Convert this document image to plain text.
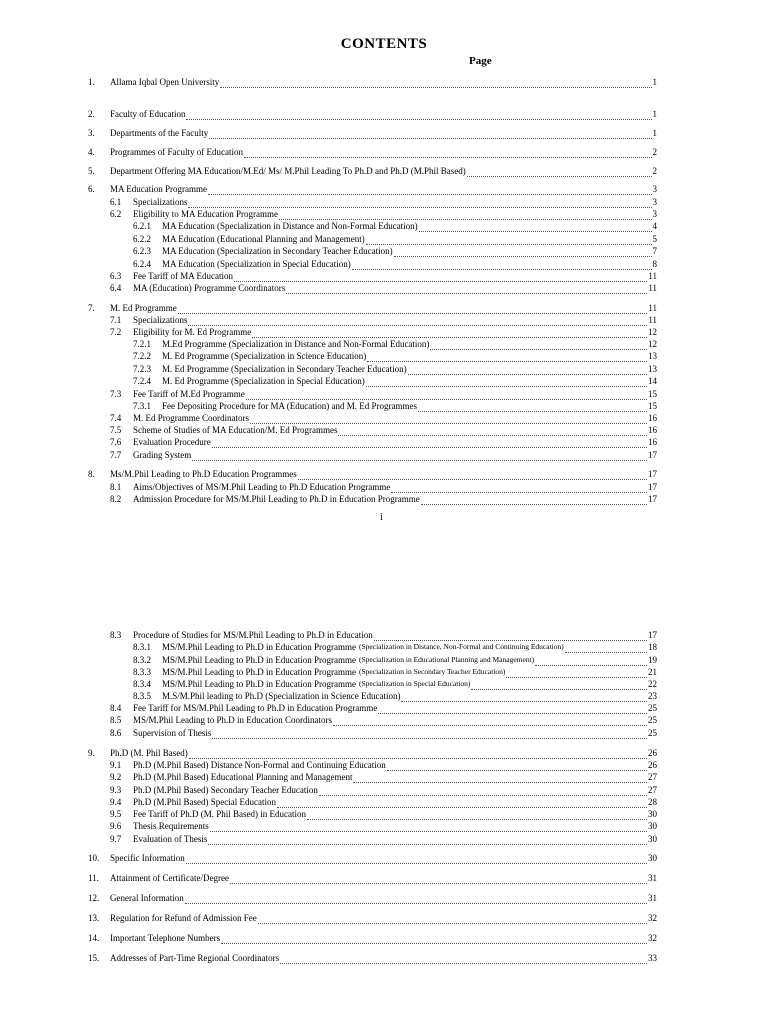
CONTENTS
Page
i
1.	Allama Iqbal Open University	1
2.	Faculty of Education	1
3.	Departments of the Faculty	1
4.	Programmes of Faculty of Education	2
5.	Department Offering MA Education/M.Ed/ Ms/ M.Phil Leading To Ph.D and Ph.D (M.Phil Based)	2
6.	MA Education Programme	3
6.1	Specializations	3
6.2	Eligibility to MA Education Programme	3
6.2.1	MA Education (Specialization in Distance and Non-Formal Education)	4
6.2.2	MA Education (Educational Planning and Management)	5
6.2.3	MA Education (Specialization in Secondary Teacher Education)	7
6.2.4	MA Education (Specialization in Special Education)	8
6.3	Fee Tariff of MA Education	11
6.4	MA (Education) Programme Coordinators	11
7.	M. Ed Programme	11
7.1	Specializations	11
7.2	Eligibility for M. Ed Programme	12
7.2.1	M.Ed Programme (Specialization in Distance and Non-Formal Education)	12
7.2.2	M. Ed Programme (Specialization in Science Education)	13
7.2.3	M. Ed Programme (Specialization in Secondary Teacher Education)	13
7.2.4	M. Ed Programme (Specialization in Special Education)	14
7.3	Fee Tariff of M.Ed Programme	15
7.3.1	Fee Depositing Procedure for MA (Education) and M. Ed Programmes	15
7.4	M. Ed Programme Coordinators	16
7.5	Scheme of Studies of MA Education/M. Ed Programmes	16
7.6	Evaluation Procedure	16
7.7	Grading System	17
8.	Ms/M.Phil Leading to Ph.D Education Programmes	17
8.1	Aims/Objectives of MS/M.Phil Leading to Ph.D Education Programme	17
8.2	Admission Procedure for MS/M.Phil Leading to Ph.D in Education Programme	17
8.3	Procedure of Studies for MS/M.Phil Leading to Ph.D in Education	17
8.3.1	MS/M.Phil Leading to Ph.D in Education Programme (Specialization in Distance, Non-Formal and Continuing Education)	18
8.3.2	MS/M.Phil Leading to Ph.D in Education Programme (Specialization in Educational Planning and Management)	19
8.3.3	MS/M.Phil Leading to Ph.D in Education Programme (Specialization in Secondary Teacher Education)	21
8.3.4	MS/M.Phil Leading to Ph.D in Education Programme (Specialization in Special Education)	22
8.3.5	M.S/M.Phil leading to Ph.D (Specialization in Science Education)	23
8.4	Fee Tariff for MS/M.Phil Leading to Ph.D in Education Programme	25
8.5	MS/M.Phil Leading to Ph.D in Education Coordinators	25
8.6	Supervision of Thesis	25
9.	Ph.D (M. Phil Based)	26
9.1	Ph.D (M.Phil Based) Distance Non-Formal and Continuing Education	26
9.2	Ph.D (M.Phil Based) Educational Planning and Management	27
9.3	Ph.D (M.Phil Based) Secondary Teacher Education	27
9.4	Ph.D (M.Phil Based) Special Education	28
9.5	Fee Tariff of Ph.D (M. Phil Based) in Education	30
9.6	Thesis Requirements	30
9.7	Evaluation of Thesis	30
10.	Specific Information	30
11.	Attainment of Certificate/Degree	31
12.	General Information	31
13.	Regulation for Refund of Admission Fee	32
14.	Important Telephone Numbers	32
15.	Addresses of Part-Time Regional Coordinators	33
